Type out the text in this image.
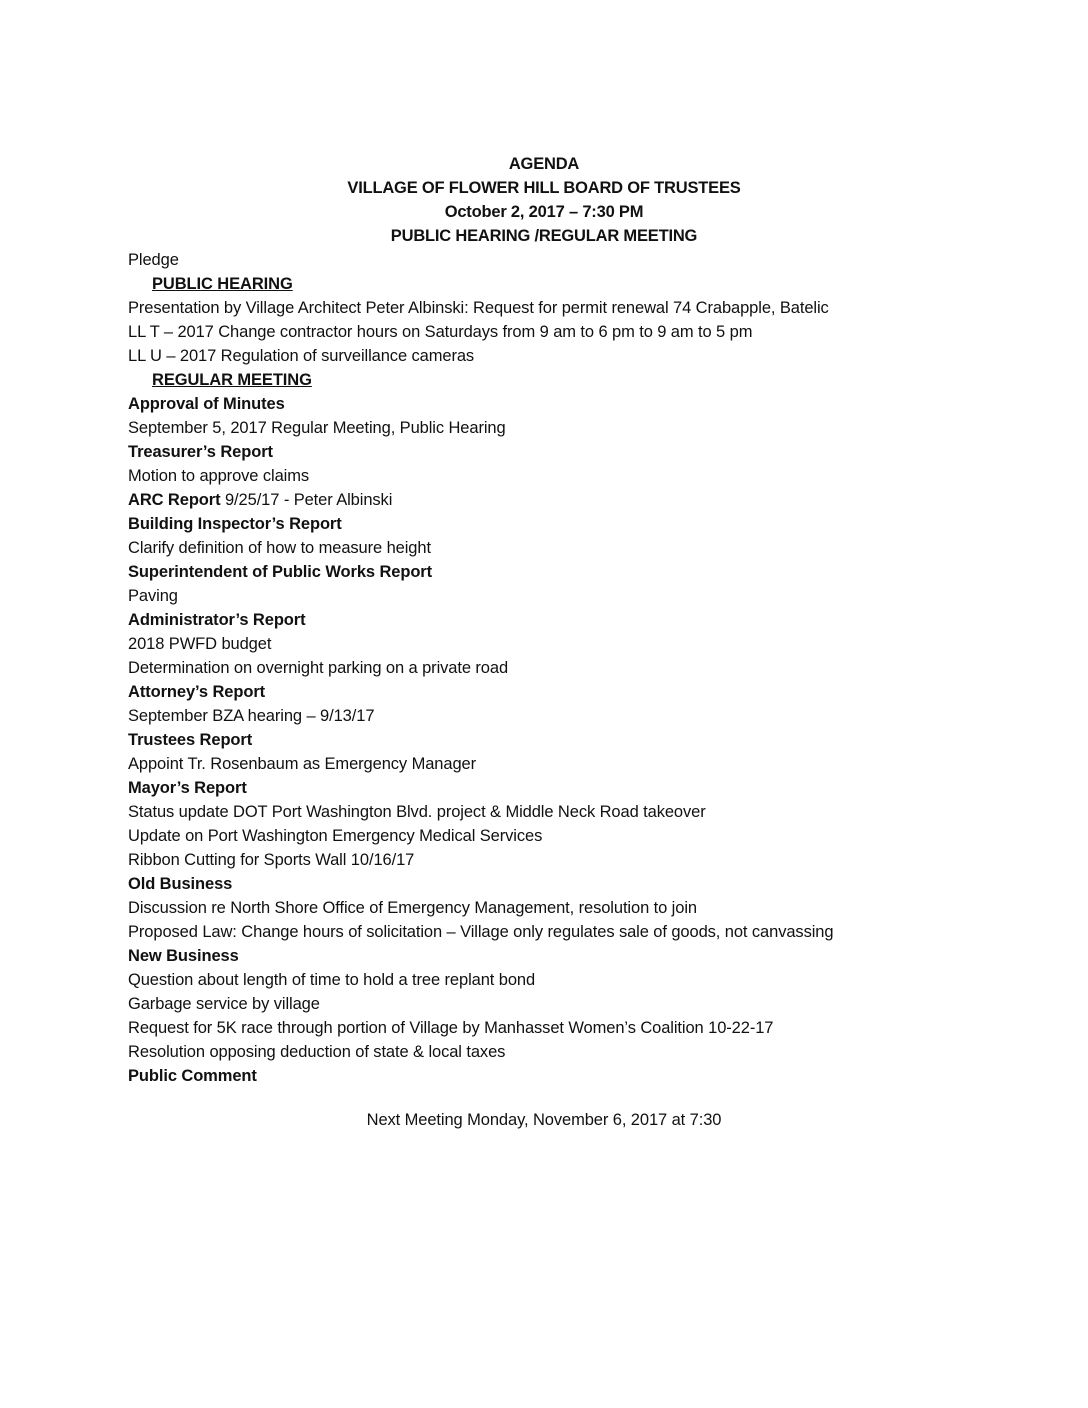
AGENDA
VILLAGE OF FLOWER HILL BOARD OF TRUSTEES
October 2, 2017 – 7:30 PM
PUBLIC HEARING /REGULAR MEETING
Pledge
PUBLIC HEARING
Presentation by Village Architect Peter Albinski: Request for permit renewal 74 Crabapple, Batelic
LL T – 2017 Change contractor hours on Saturdays from 9 am to 6 pm to 9 am to 5 pm
LL U – 2017 Regulation of surveillance cameras
REGULAR MEETING
Approval of Minutes
September 5, 2017 Regular Meeting, Public Hearing
Treasurer’s Report
Motion to approve claims
ARC Report 9/25/17 - Peter Albinski
Building Inspector’s Report
Clarify definition of how to measure height
Superintendent of Public Works Report
Paving
Administrator’s Report
2018 PWFD budget
Determination on overnight parking on a private road
Attorney’s Report
September BZA hearing – 9/13/17
Trustees Report
Appoint Tr. Rosenbaum as Emergency Manager
Mayor’s Report
Status update DOT Port Washington Blvd. project & Middle Neck Road takeover
Update on Port Washington Emergency Medical Services
Ribbon Cutting for Sports Wall 10/16/17
Old Business
Discussion re North Shore Office of Emergency Management, resolution to join
Proposed Law: Change hours of solicitation – Village only regulates sale of goods, not canvassing
New Business
Question about length of time to hold a tree replant bond
Garbage service by village
Request for 5K race through portion of Village by Manhasset Women’s Coalition 10-22-17
Resolution opposing deduction of state & local taxes
Public Comment
Next Meeting Monday, November 6, 2017 at 7:30
